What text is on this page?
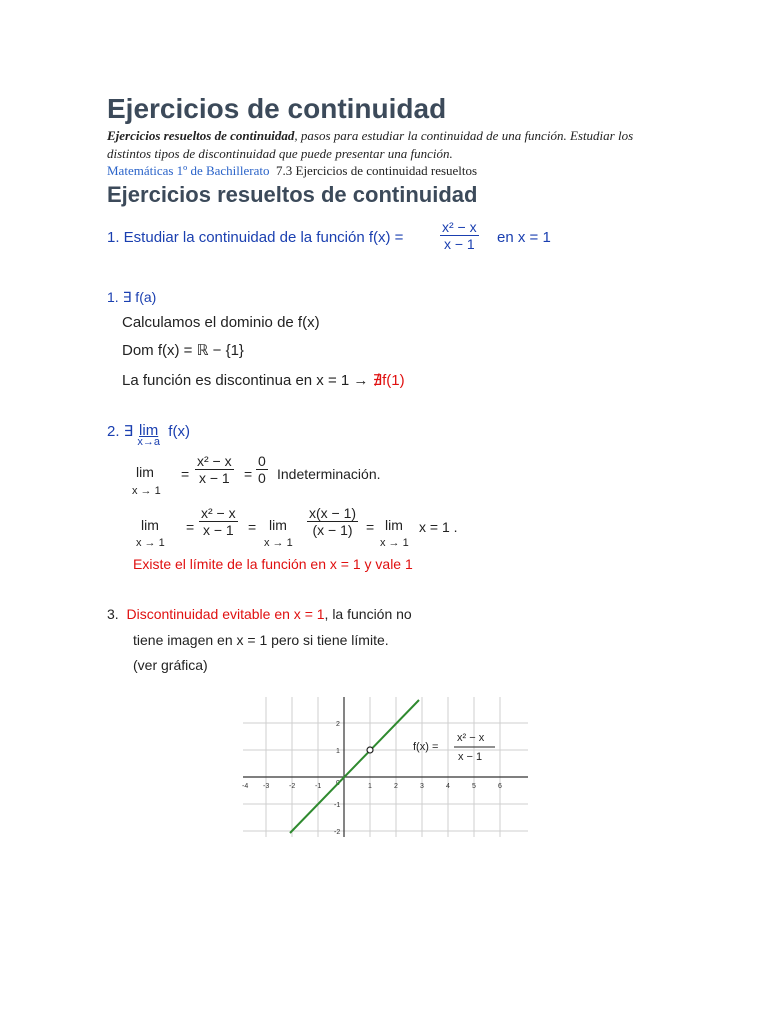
Ejercicios de continuidad
Ejercicios resueltos de continuidad, pasos para estudiar la continuidad de una función. Estudiar los distintos tipos de discontinuidad que puede presentar una función.
Matemáticas 1º de Bachillerato 7.3 Ejercicios de continuidad resueltos
Ejercicios resueltos de continuidad
1. Estudiar la continuidad de la función f(x) =
x² − x
x − 1 en x = 1
1. ∃ f(a)
Calculamos el dominio de f(x)
Dom f(x) = ℝ − {1}
La función es discontinua en x = 1 → ∄f(1)
2. ∃ lim
x→a
f(x)
lim
x → 1
=
x² − x
x − 1 =
0
0 Indeterminación.
lim
x → 1
=
x² − x
x − 1 = lim
x → 1
x(x − 1)
(x − 1) = lim
x → 1
x = 1 .
Existe el límite de la función en x = 1 y vale 1
3. Discontinuidad evitable en x = 1, la función no
tiene imagen en x = 1 pero si tiene límite.
(ver gráfica)
-4 -3	-2	-1	1	2	3	4	5	6
2
1
-1
-2
f(x) =
x² − x
x − 1
